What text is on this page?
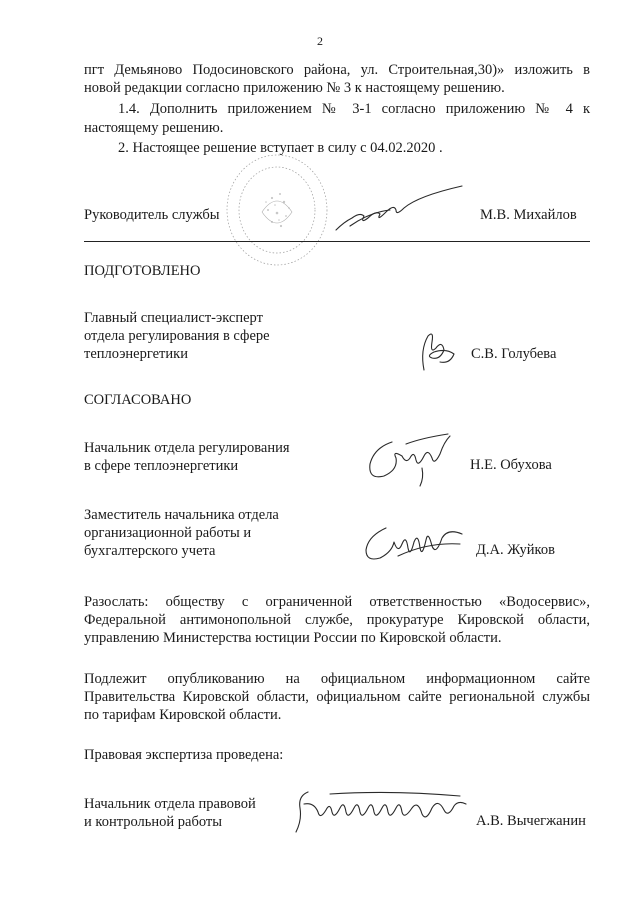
2
пгт Демьяново Подосиновского района, ул. Строительная,30)» изложить в
новой редакции согласно приложению № 3 к настоящему решению.
1.4. Дополнить приложением № 3-1 согласно приложению № 4 к
настоящему решению.
2. Настоящее решение вступает в силу с 04.02.2020 .
Руководитель службы	М.В. Михайлов
ПОДГОТОВЛЕНО
Главный специалист-эксперт
отдела регулирования в сфере
теплоэнергетики	С.В. Голубева
СОГЛАСОВАНО
Начальник отдела регулирования
в сфере теплоэнергетики	Н.Е. Обухова
Заместитель начальника отдела
организационной работы и
бухгалтерского учета	Д.А. Жуйков
Разослать: обществу с ограниченной ответственностью «Водосервис»,
Федеральной антимонопольной службе, прокуратуре Кировской области,
управлению Министерства юстиции России по Кировской области.
Подлежит опубликованию на официальном информационном сайте
Правительства Кировской области, официальном сайте региональной службы
по тарифам Кировской области.
Правовая экспертиза проведена:
Начальник отдела правовой
и контрольной работы	А.В. Вычегжанин
